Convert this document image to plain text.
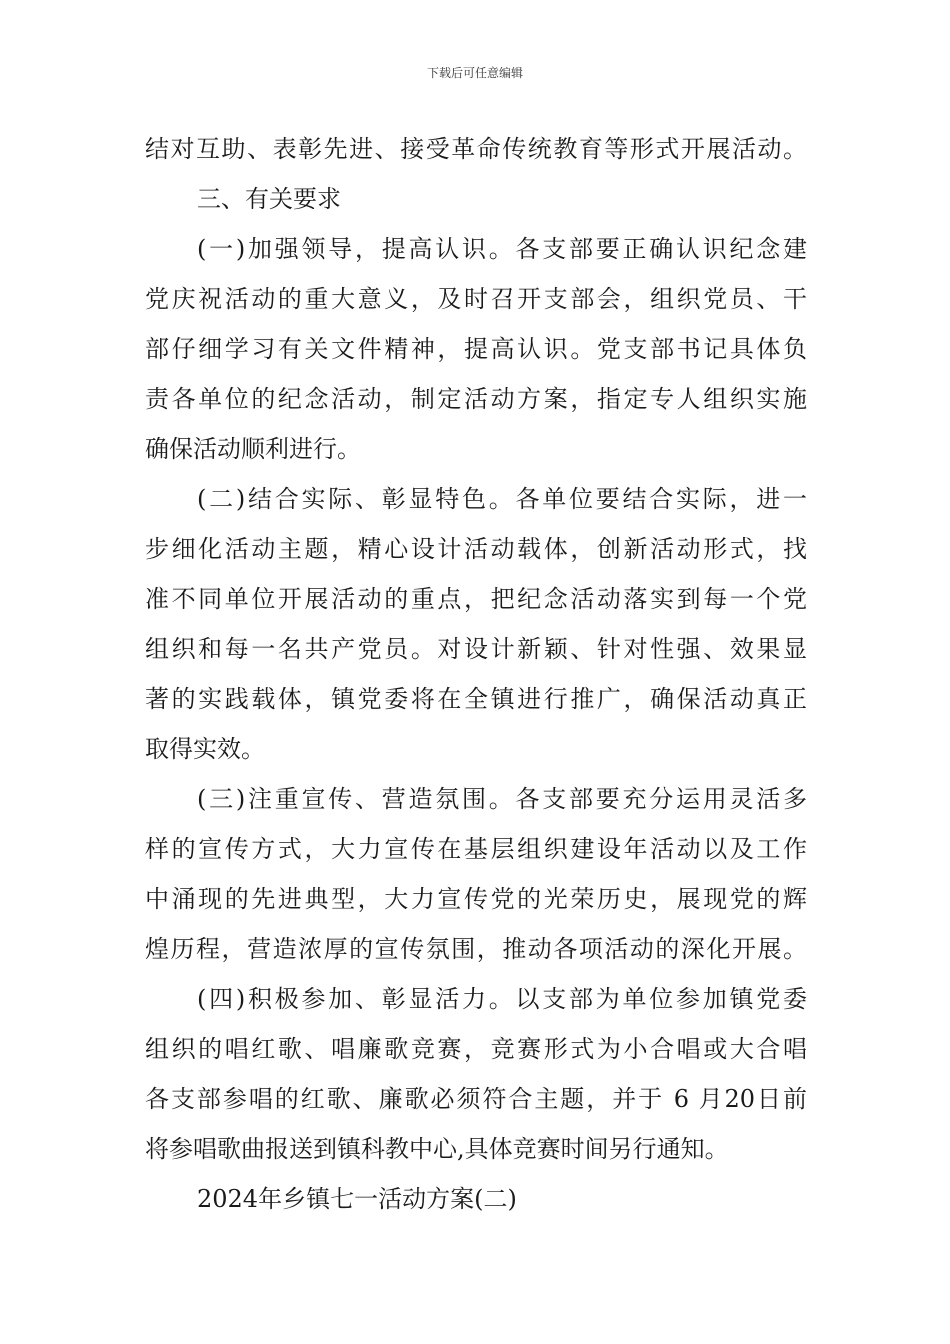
下载后可任意编辑
结对互助、表彰先进、接受革命传统教育等形式开展活动。
三、有关要求
(一)加强领导，提高认识。各支部要正确认识纪念建
党庆祝活动的重大意义，及时召开支部会，组织党员、干
部仔细学习有关文件精神，提高认识。党支部书记具体负
责各单位的纪念活动，制定活动方案，指定专人组织实施
确保活动顺利进行。
(二)结合实际、彰显特色。各单位要结合实际，进一
步细化活动主题，精心设计活动载体，创新活动形式，找
准不同单位开展活动的重点，把纪念活动落实到每一个党
组织和每一名共产党员。对设计新颖、针对性强、效果显
著的实践载体，镇党委将在全镇进行推广，确保活动真正
取得实效。
(三)注重宣传、营造氛围。各支部要充分运用灵活多
样的宣传方式，大力宣传在基层组织建设年活动以及工作
中涌现的先进典型，大力宣传党的光荣历史，展现党的辉
煌历程，营造浓厚的宣传氛围，推动各项活动的深化开展。
(四)积极参加、彰显活力。以支部为单位参加镇党委
组织的唱红歌、唱廉歌竞赛，竞赛形式为小合唱或大合唱
各支部参唱的红歌、廉歌必须符合主题，并于 6 月20日前
将参唱歌曲报送到镇科教中心,具体竞赛时间另行通知。
2024年乡镇七一活动方案(二)
